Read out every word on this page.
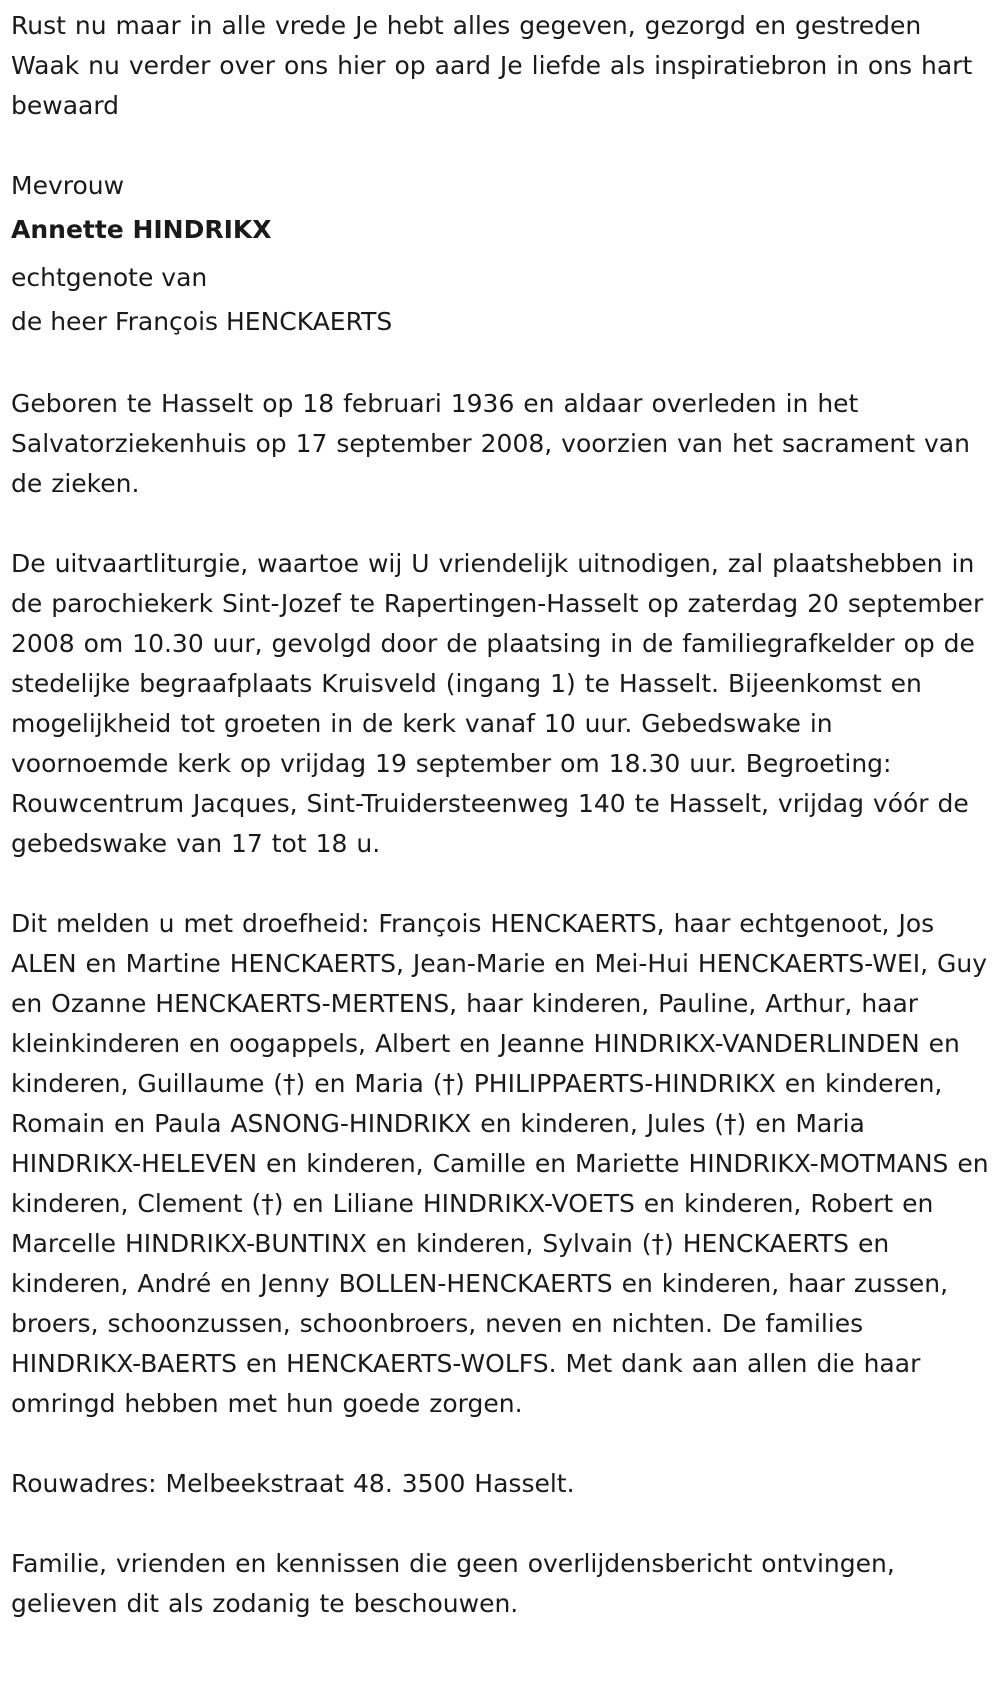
Rust nu maar in alle vrede Je hebt alles gegeven, gezorgd en gestreden Waak nu verder over ons hier op aard Je liefde als inspiratiebron in ons hart bewaard

Mevrouw

Annette HINDRIKX

echtgenote van

de heer François HENCKAERTS

Geboren te Hasselt op 18 februari 1936 en aldaar overleden in het Salvatorziekenhuis op 17 september 2008, voorzien van het sacrament van de zieken.

De uitvaartliturgie, waartoe wij U vriendelijk uitnodigen, zal plaatshebben in de parochiekerk Sint-Jozef te Rapertingen-Hasselt op zaterdag 20 september 2008 om 10.30 uur, gevolgd door de plaatsing in de familiegrafkelder op de stedelijke begraafplaats Kruisveld (ingang 1) te Hasselt. Bijeenkomst en mogelijkheid tot groeten in de kerk vanaf 10 uur. Gebedswake in voornoemde kerk op vrijdag 19 september om 18.30 uur. Begroeting: Rouwcentrum Jacques, Sint-Truidersteenweg 140 te Hasselt, vrijdag vóór de gebedswake van 17 tot 18 u.

Dit melden u met droefheid: François HENCKAERTS, haar echtgenoot, Jos ALEN en Martine HENCKAERTS, Jean-Marie en Mei-Hui HENCKAERTS-WEI, Guy en Ozanne HENCKAERTS-MERTENS, haar kinderen, Pauline, Arthur, haar kleinkinderen en oogappels, Albert en Jeanne HINDRIKX-VANDERLINDEN en kinderen, Guillaume (†) en Maria (†) PHILIPPAERTS-HINDRIKX en kinderen, Romain en Paula ASNONG-HINDRIKX en kinderen, Jules (†) en Maria HINDRIKX-HELEVEN en kinderen, Camille en Mariette HINDRIKX-MOTMANS en kinderen, Clement (†) en Liliane HINDRIKX-VOETS en kinderen, Robert en Marcelle HINDRIKX-BUNTINX en kinderen, Sylvain (†) HENCKAERTS en kinderen, André en Jenny BOLLEN-HENCKAERTS en kinderen, haar zussen, broers, schoonzussen, schoonbroers, neven en nichten. De families HINDRIKX-BAERTS en HENCKAERTS-WOLFS. Met dank aan allen die haar omringd hebben met hun goede zorgen.

Rouwadres: Melbeekstraat 48. 3500 Hasselt.

Familie, vrienden en kennissen die geen overlijdensbericht ontvingen, gelieven dit als zodanig te beschouwen.
